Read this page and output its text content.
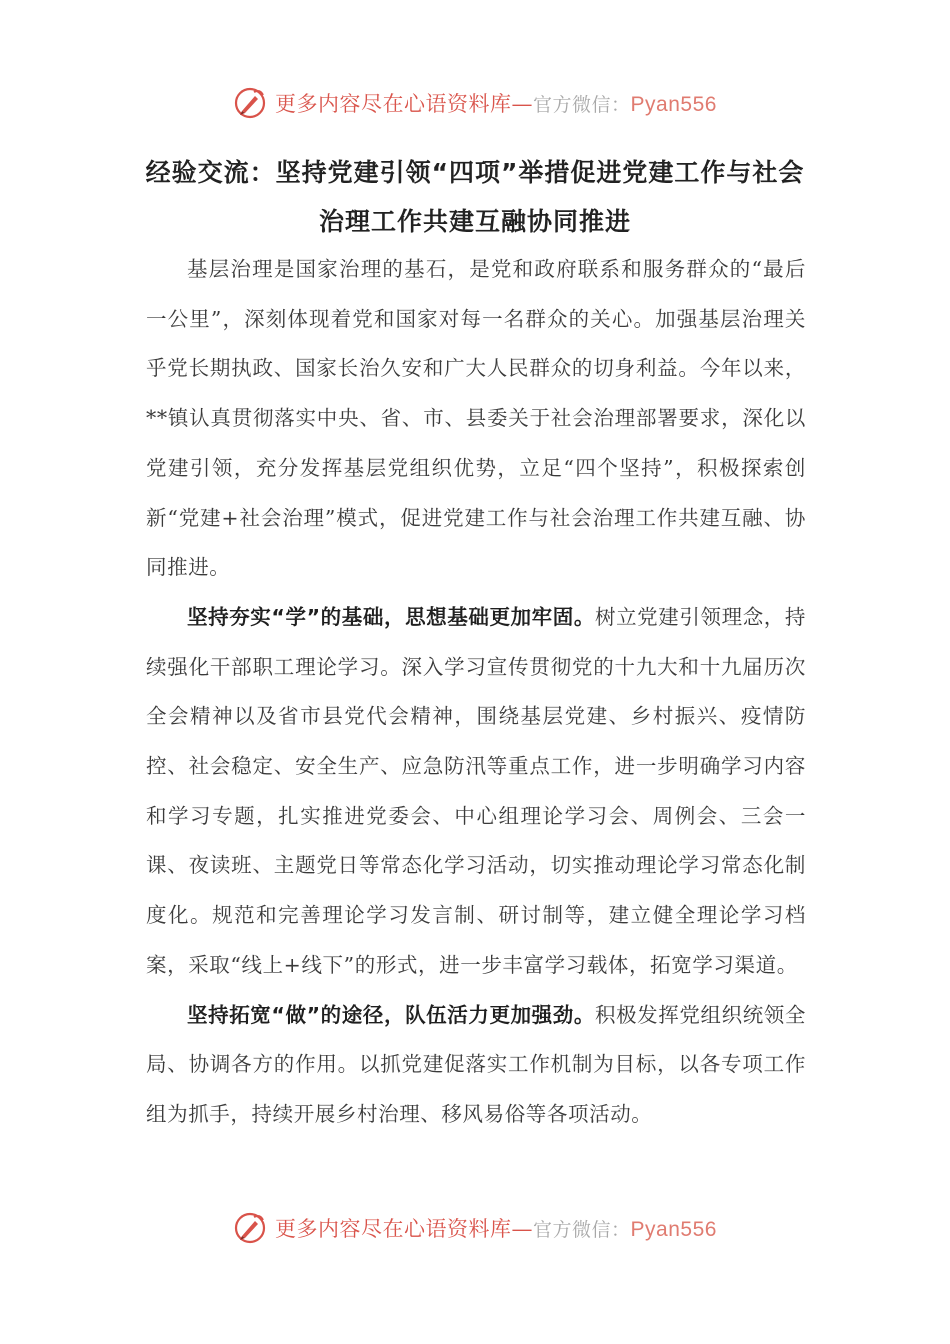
更多内容尽在心语资料库—官方微信：Pyan556
经验交流：坚持党建引领“四项”举措促进党建工作与社会治理工作共建互融协同推进

基层治理是国家治理的基石，是党和政府联系和服务群众的“最后一公里”，深刻体现着党和国家对每一名群众的关心。加强基层治理关乎党长期执政、国家长治久安和广大人民群众的切身利益。今年以来，**镇认真贯彻落实中央、省、市、县委关于社会治理部署要求，深化以党建引领，充分发挥基层党组织优势，立足“四个坚持”，积极探索创新“党建+社会治理”模式，促进党建工作与社会治理工作共建互融、协同推进。

坚持夯实“学”的基础，思想基础更加牢固。树立党建引领理念，持续强化干部职工理论学习。深入学习宣传贯彻党的十九大和十九届历次全会精神以及省市县党代会精神，围绕基层党建、乡村振兴、疫情防控、社会稳定、安全生产、应急防汛等重点工作，进一步明确学习内容和学习专题，扎实推进党委会、中心组理论学习会、周例会、三会一课、夜读班、主题党日等常态化学习活动，切实推动理论学习常态化制度化。规范和完善理论学习发言制、研讨制等，建立健全理论学习档案，采取“线上+线下”的形式，进一步丰富学习载体，拓宽学习渠道。

坚持拓宽“做”的途径，队伍活力更加强劲。积极发挥党组织统领全局、协调各方的作用。以抓党建促落实工作机制为目标，以各专项工作组为抓手，持续开展乡村治理、移风易俗等各项活动。

更多内容尽在心语资料库—官方微信：Pyan556
